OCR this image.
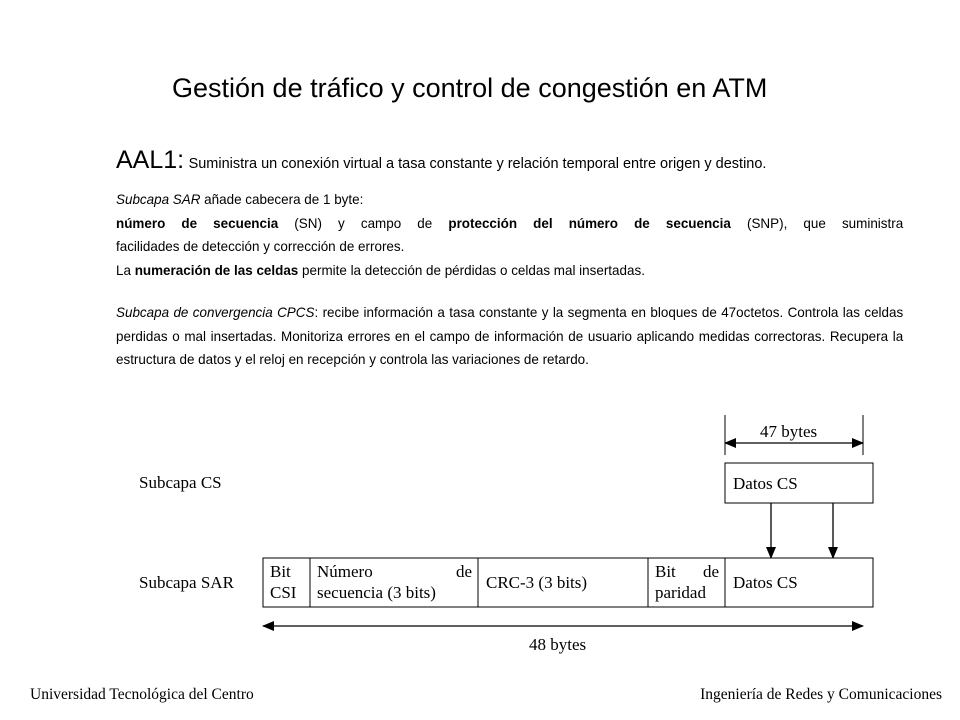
Gestión de tráfico y control de congestión en ATM
AAL1: Suministra un conexión virtual a tasa constante y relación temporal entre origen y destino.
Subcapa SAR añade cabecera de 1 byte:
número de secuencia (SN) y campo de protección del número de secuencia (SNP), que suministra
facilidades de detección y corrección de errores.
La numeración de las celdas permite la detección de pérdidas o celdas mal insertadas.
Subcapa de convergencia CPCS: recibe información a tasa constante y la segmenta en bloques de 47octetos. Controla las celdas perdidas o mal insertadas. Monitoriza errores en el campo de información de usuario aplicando medidas correctoras. Recupera la estructura de datos y el reloj en recepción y controla las variaciones de retardo.
Subcapa CS
Subcapa SAR
47 bytes
Datos CS
Bit
CSI
Número	de
secuencia (3 bits)
CRC-3 (3 bits)
Bit de
paridad
Datos CS
48 bytes
Universidad Tecnológica del Centro	Ingeniería de Redes y Comunicaciones
